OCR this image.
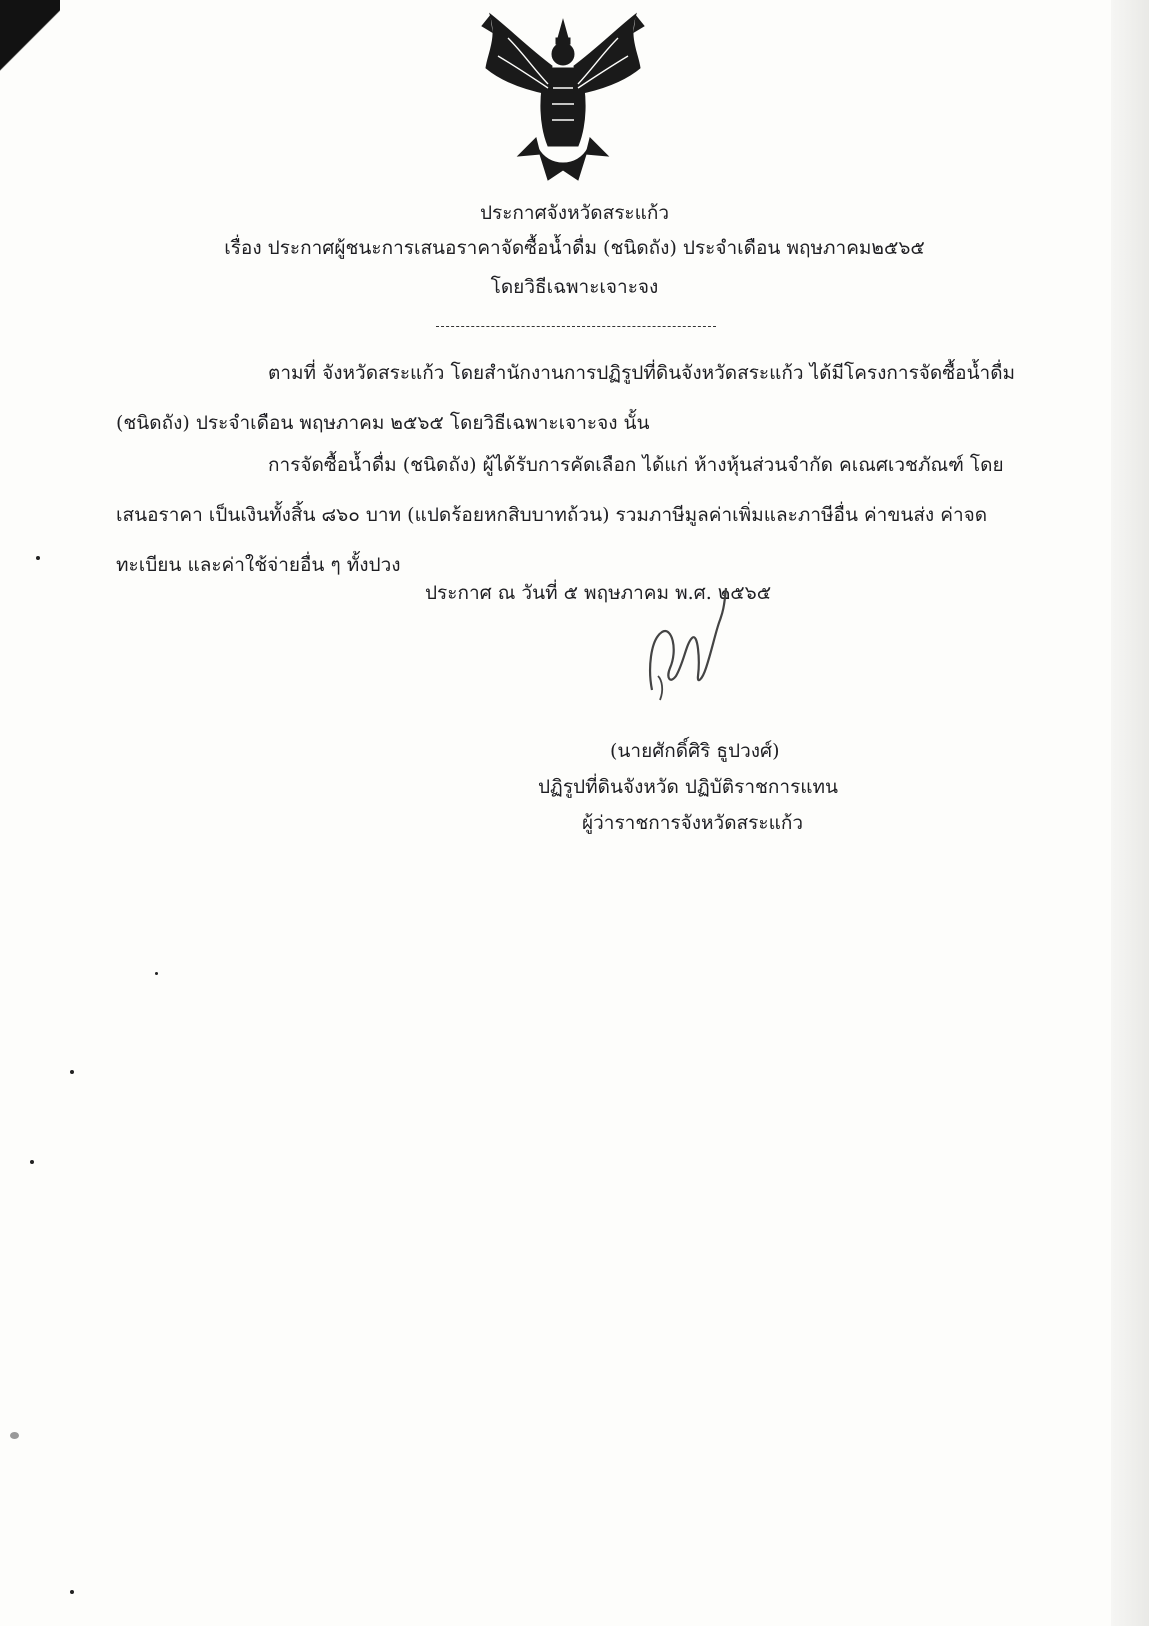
ประกาศจังหวัดสระแก้ว
เรื่อง ประกาศผู้ชนะการเสนอราคาจัดซื้อน้ำดื่ม (ชนิดถัง) ประจำเดือน พฤษภาคม๒๕๖๕
โดยวิธีเฉพาะเจาะจง
ตามที่ จังหวัดสระแก้ว โดยสำนักงานการปฏิรูปที่ดินจังหวัดสระแก้ว ได้มีโครงการจัดซื้อน้ำดื่ม (ชนิดถัง) ประจำเดือน พฤษภาคม ๒๕๖๕ โดยวิธีเฉพาะเจาะจง นั้น
การจัดซื้อน้ำดื่ม (ชนิดถัง) ผู้ได้รับการคัดเลือก ได้แก่ ห้างหุ้นส่วนจำกัด คเณศเวชภัณฑ์ โดยเสนอราคา เป็นเงินทั้งสิ้น ๘๖๐ บาท (แปดร้อยหกสิบบาทถ้วน) รวมภาษีมูลค่าเพิ่มและภาษีอื่น ค่าขนส่ง ค่าจดทะเบียน และค่าใช้จ่ายอื่น ๆ ทั้งปวง
ประกาศ ณ วันที่ ๕ พฤษภาคม พ.ศ. ๒๕๖๕
(นายศักดิ์ศิริ ธูปวงศ์)
ปฏิรูปที่ดินจังหวัด ปฏิบัติราชการแทน
ผู้ว่าราชการจังหวัดสระแก้ว
